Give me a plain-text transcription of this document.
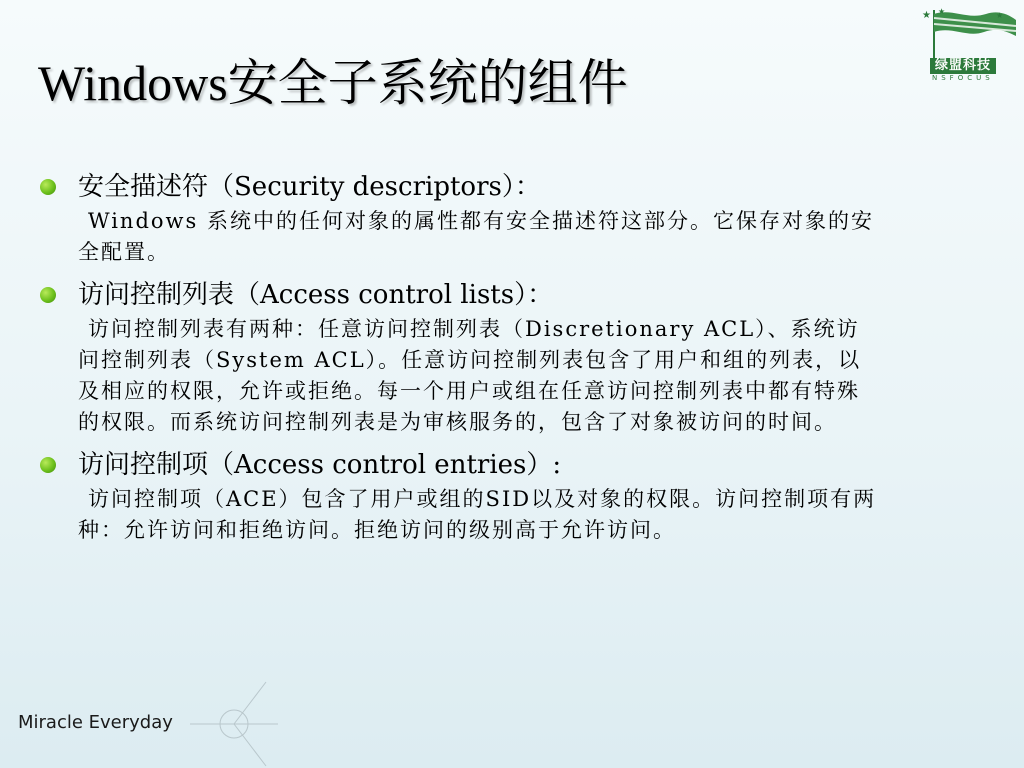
Windows安全子系统的组件
★ ★	★
绿盟科技
NSFOCUS
安全描述符（Security descriptors）：
Windows 系统中的任何对象的属性都有安全描述符这部分。它保存对象的安全配置。
访问控制列表（Access control lists）：
访问控制列表有两种：任意访问控制列表（Discretionary ACL）、系统访问控制列表（System ACL）。任意访问控制列表包含了用户和组的列表，以及相应的权限，允许或拒绝。每一个用户或组在任意访问控制列表中都有特殊的权限。而系统访问控制列表是为审核服务的，包含了对象被访问的时间。
访问控制项（Access control entries）:
访问控制项（ACE）包含了用户或组的SID以及对象的权限。访问控制项有两种：允许访问和拒绝访问。拒绝访问的级别高于允许访问。
Miracle Everyday
